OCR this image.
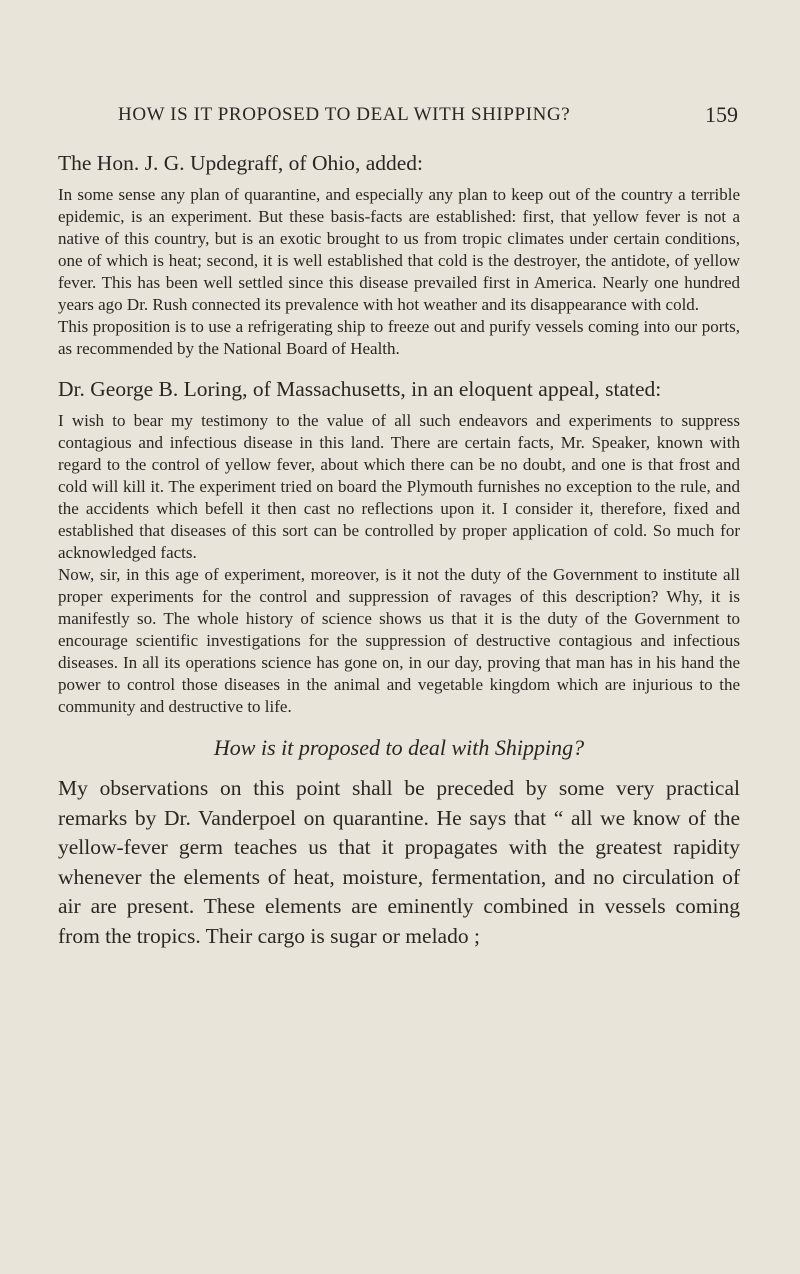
HOW IS IT PROPOSED TO DEAL WITH SHIPPING?	159

The Hon. J. G. Updegraff, of Ohio, added:

In some sense any plan of quarantine, and especially any plan to keep out of the country a terrible epidemic, is an experiment. But these basis-facts are established: first, that yellow fever is not a native of this country, but is an exotic brought to us from tropic climates under certain conditions, one of which is heat; second, it is well established that cold is the destroyer, the antidote, of yellow fever. This has been well settled since this disease prevailed first in America. Nearly one hundred years ago Dr. Rush connected its prevalence with hot weather and its disappearance with cold.

This proposition is to use a refrigerating ship to freeze out and purify vessels coming into our ports, as recommended by the National Board of Health.

Dr. George B. Loring, of Massachusetts, in an eloquent appeal, stated:

I wish to bear my testimony to the value of all such endeavors and experiments to suppress contagious and infectious disease in this land. There are certain facts, Mr. Speaker, known with regard to the control of yellow fever, about which there can be no doubt, and one is that frost and cold will kill it. The experiment tried on board the Plymouth furnishes no exception to the rule, and the accidents which befell it then cast no reflections upon it. I consider it, therefore, fixed and established that diseases of this sort can be controlled by proper application of cold. So much for acknowledged facts.

Now, sir, in this age of experiment, moreover, is it not the duty of the Government to institute all proper experiments for the control and suppression of ravages of this description? Why, it is manifestly so. The whole history of science shows us that it is the duty of the Government to encourage scientific investigations for the suppression of destructive contagious and infectious diseases. In all its operations science has gone on, in our day, proving that man has in his hand the power to control those diseases in the animal and vegetable kingdom which are injurious to the community and destructive to life.

How is it proposed to deal with Shipping?

My observations on this point shall be preceded by some very practical remarks by Dr. Vanderpoel on quarantine. He says that “ all we know of the yellow-fever germ teaches us that it propagates with the greatest rapidity whenever the elements of heat, moisture, fermentation, and no circulation of air are present. These elements are eminently combined in vessels coming from the tropics. Their cargo is sugar or melado ;
